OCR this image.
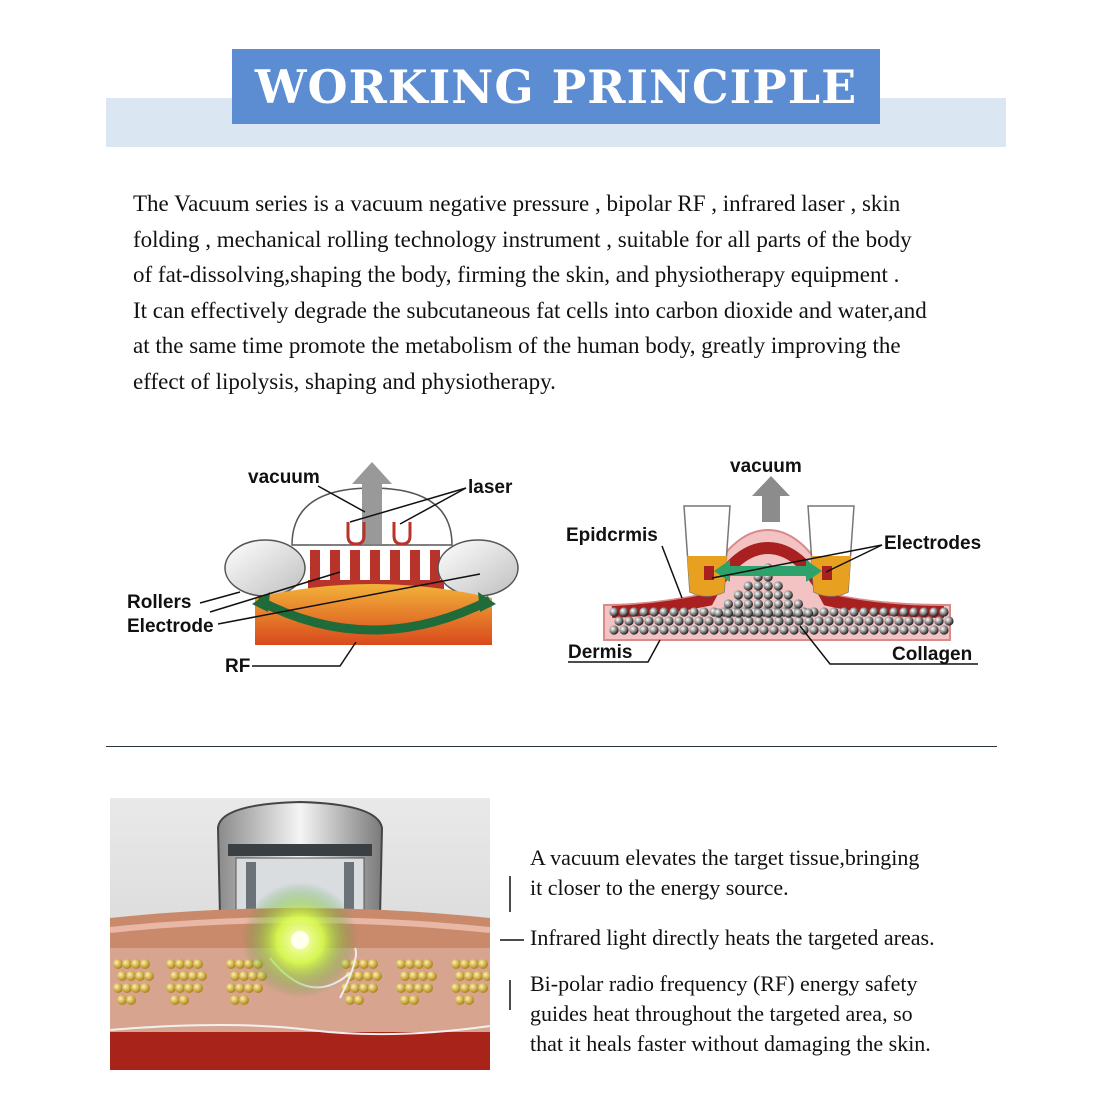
WORKING PRINCIPLE
The Vacuum series is a vacuum negative pressure , bipolar RF , infrared laser , skin
folding , mechanical rolling technology instrument , suitable for all parts of the body
of fat-dissolving,shaping the body, firming the skin, and physiotherapy equipment .
It can effectively degrade the subcutaneous fat cells into carbon dioxide and water,and
at the same time promote the metabolism of the human body, greatly improving the
effect of lipolysis, shaping and physiotherapy.
vacuum	laser
Rollers
Electrode
RF
vacuum
Epidcrmis	Electrodes
Dermis	Collagen
A vacuum elevates the target tissue,bringing
it closer to the energy source.
Infrared light directly heats the targeted areas.
Bi-polar radio frequency (RF) energy safety
guides heat throughout the targeted area, so
that it heals faster without damaging the skin.
